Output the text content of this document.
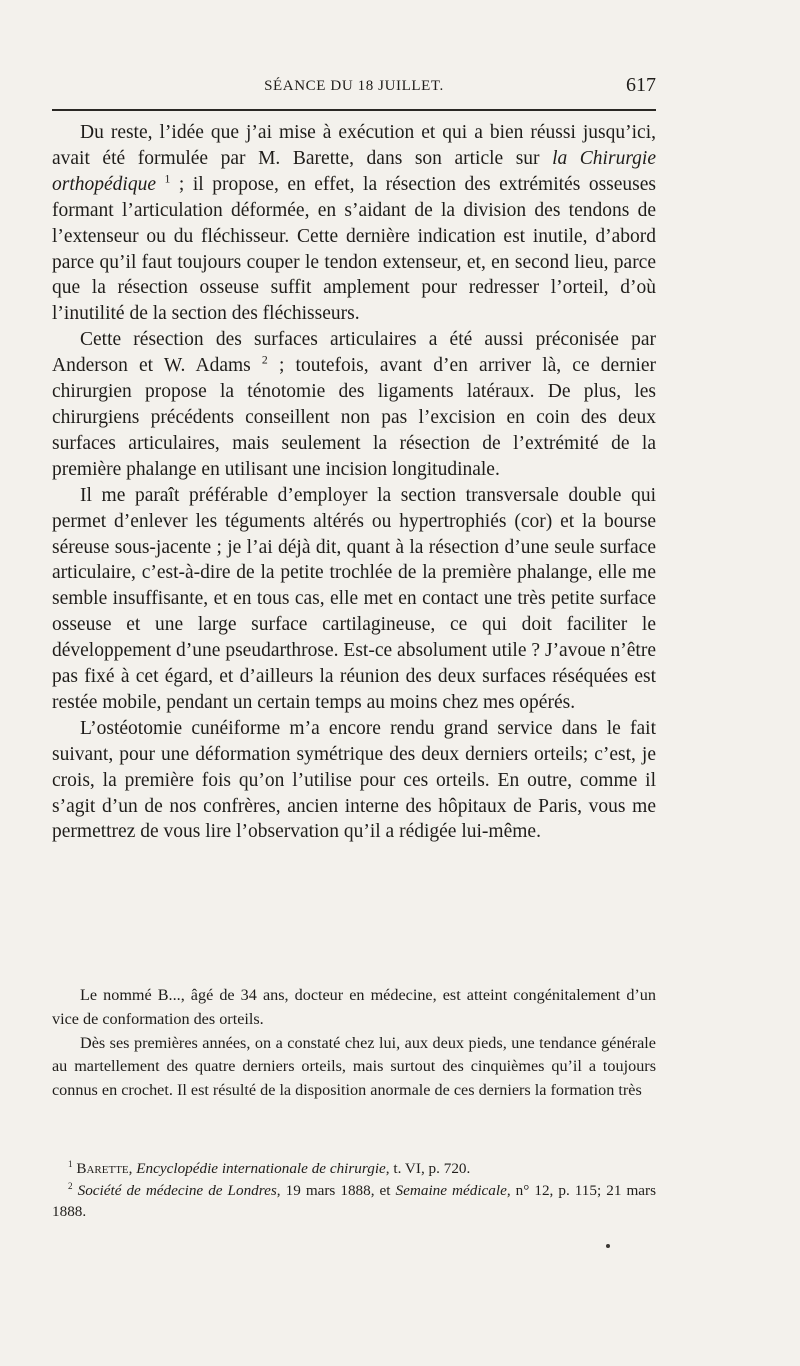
SÉANCE DU 18 JUILLET.	617

Du reste, l’idée que j’ai mise à exécution et qui a bien réussi jusqu’ici, avait été formulée par M. Barette, dans son article sur la Chirurgie orthopédique $^1$ ; il propose, en effet, la résection des extrémités osseuses formant l’articulation déformée, en s’aidant de la division des tendons de l’extenseur ou du fléchisseur. Cette dernière indication est inutile, d’abord parce qu’il faut toujours couper le tendon extenseur, et, en second lieu, parce que la résection osseuse suffit amplement pour redresser l’orteil, d’où l’inutilité de la section des fléchisseurs.

Cette résection des surfaces articulaires a été aussi préconisée par Anderson et W. Adams $^2$ ; toutefois, avant d’en arriver là, ce dernier chirurgien propose la ténotomie des ligaments latéraux. De plus, les chirurgiens précédents conseillent non pas l’excision en coin des deux surfaces articulaires, mais seulement la résection de l’extrémité de la première phalange en utilisant une incision longitudinale.

Il me paraît préférable d’employer la section transversale double qui permet d’enlever les téguments altérés ou hypertrophiés (cor) et la bourse séreuse sous-jacente ; je l’ai déjà dit, quant à la résection d’une seule surface articulaire, c’est-à-dire de la petite trochlée de la première phalange, elle me semble insuffisante, et en tous cas, elle met en contact une très petite surface osseuse et une large surface cartilagineuse, ce qui doit faciliter le développement d’une pseudarthrose. Est-ce absolument utile ? J’avoue n’être pas fixé à cet égard, et d’ailleurs la réunion des deux surfaces réséquées est restée mobile, pendant un certain temps au moins chez mes opérés.

L’ostéotomie cunéiforme m’a encore rendu grand service dans le fait suivant, pour une déformation symétrique des deux derniers orteils; c’est, je crois, la première fois qu’on l’utilise pour ces orteils. En outre, comme il s’agit d’un de nos confrères, ancien interne des hôpitaux de Paris, vous me permettrez de vous lire l’observation qu’il a rédigée lui-même.

Le nommé B..., âgé de 34 ans, docteur en médecine, est atteint congénitalement d’un vice de conformation des orteils.

Dès ses premières années, on a constaté chez lui, aux deux pieds, une tendance générale au martellement des quatre derniers orteils, mais surtout des cinquièmes qu’il a toujours connus en crochet. Il est résulté de la disposition anormale de ces derniers la formation très

$^1$ Barette, Encyclopédie internationale de chirurgie, t. VI, p. 720.

$^2$ Société de médecine de Londres, 19 mars 1888, et Semaine médicale, n° 12, p. 115; 21 mars 1888.
